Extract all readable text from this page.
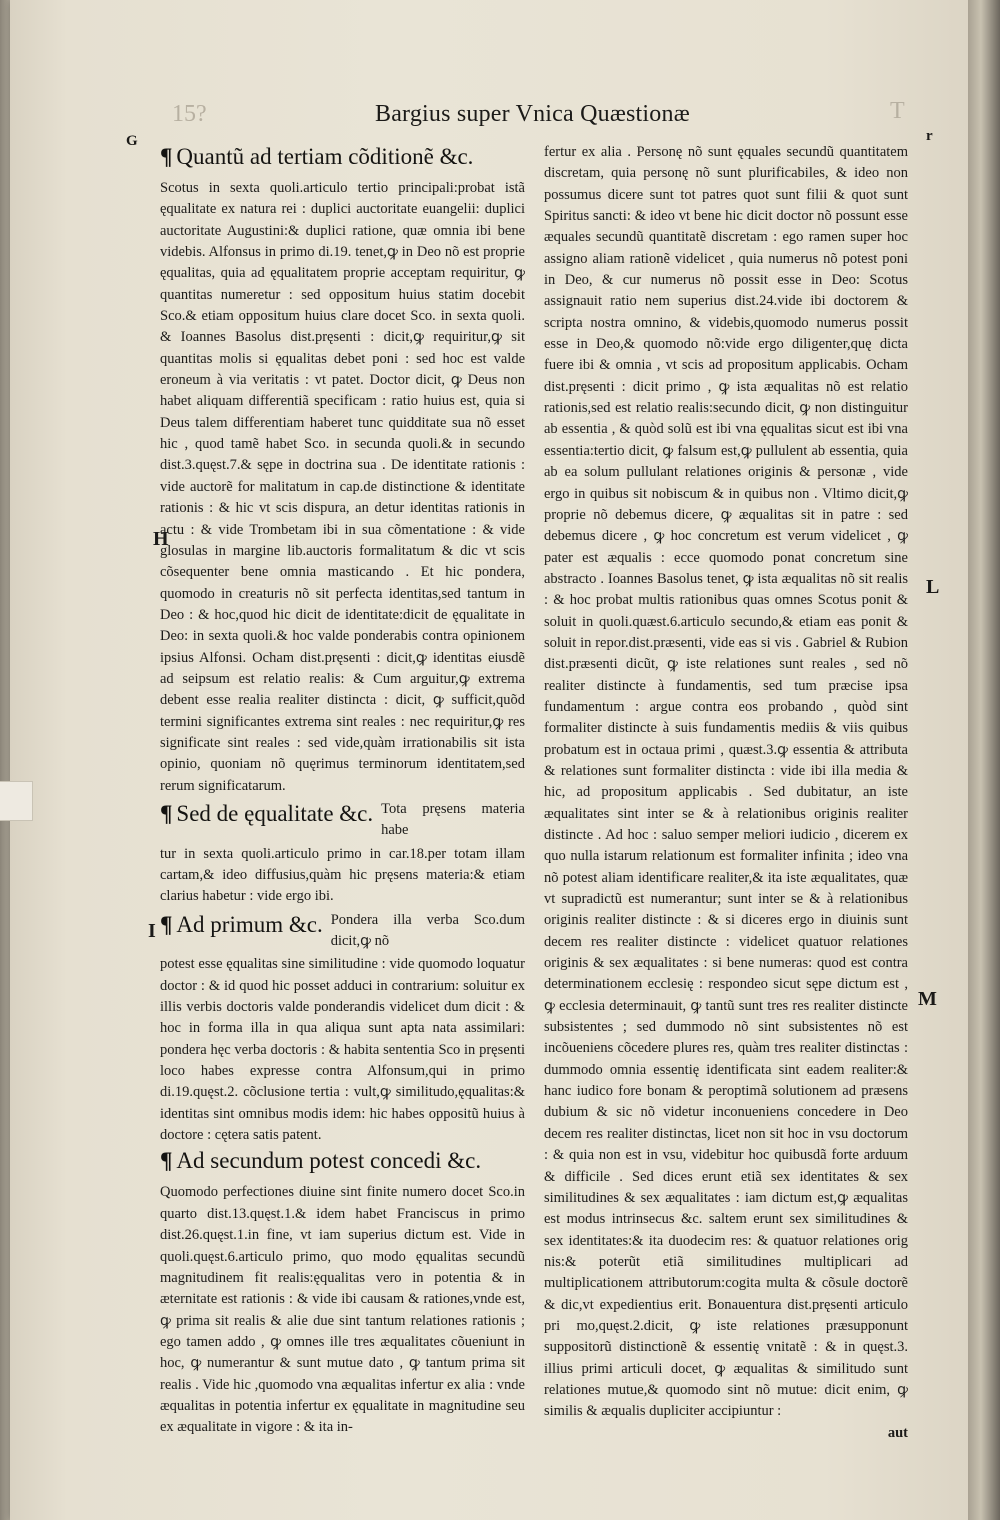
15?	T
Bargius super Vnica Quæstionæ
G	r
H
L
I
M
¶ Quantũ ad tertiam cõditionẽ &c.

Scotus in sexta quoli.articulo tertio principali:probat istã ęqualitate ex natura rei : duplici auctoritate euangelii: duplici auctoritate Augustini:& duplici ratione, quæ omnia ibi bene videbis. Alfonsus in primo di.19. tenet,ꝙ in Deo nõ est proprie ęqualitas, quia ad ęqualitatem proprie acceptam requiritur, ꝙ quantitas numeretur : sed oppositum huius statim docebit Sco.& etiam oppositum huius clare docet Sco. in sexta quoli. & Ioannes Basolus dist.pręsenti : dicit,ꝙ requiritur,ꝙ sit quantitas molis si ęqualitas debet poni : sed hoc est valde eroneum à via veritatis : vt patet. Doctor dicit, ꝙ Deus non habet aliquam differentiã specificam : ratio huius est, quia si Deus talem differentiam haberet tunc quidditate sua nõ esset hic , quod tamẽ habet Sco. in secunda quoli.& in secundo dist.3.quęst.7.& sępe in doctrina sua . De identitate rationis : vide auctorẽ for malitatum in cap.de distinctione & identitate rationis : & hic vt scis dispura, an detur identitas rationis in actu : & vide Trombetam ibi in sua cõmentatione : & vide glosulas in margine lib.auctoris formalitatum & dic vt scis cõsequenter bene omnia masticando . Et hic pondera, quomodo in creaturis nõ sit perfecta identitas,sed tantum in Deo : & hoc,quod hic dicit de identitate:dicit de ęqualitate in Deo: in sexta quoli.& hoc valde ponderabis contra opinionem ipsius Alfonsi. Ocham dist.pręsenti : dicit,ꝙ identitas eiusdẽ ad seipsum est relatio realis: & Cum arguitur,ꝙ extrema debent esse realia realiter distincta : dicit, ꝙ sufficit,quõd termini significantes extrema sint reales : nec requiritur,ꝙ res significate sint reales : sed vide,quàm irrationabilis sit ista opinio, quoniam nõ quęrimus terminorum identitatem,sed rerum significatarum.

¶ Sed de ęqualitate &c. Tota pręsens materia habe

tur in sexta quoli.articulo primo in car.18.per totam illam cartam,& ideo diffusius,quàm hic pręsens materia:& etiam clarius habetur : vide ergo ibi.

¶ Ad primum &c. Pondera illa verba Sco.dum dicit,ꝙ nõ

potest esse ęqualitas sine similitudine : vide quomodo loquatur doctor : & id quod hic posset adduci in contrarium: soluitur ex illis verbis doctoris valde ponderandis videlicet dum dicit : & hoc in forma illa in qua aliqua sunt apta nata assimilari: pondera hęc verba doctoris : & habita sententia Sco in pręsenti loco habes expresse contra Alfonsum,qui in primo di.19.quęst.2. cõclusione tertia : vult,ꝙ similitudo,ęqualitas:& identitas sint omnibus modis idem: hic habes oppositũ huius à doctore : cętera satis patent.

¶ Ad secundum potest concedi &c.

Quomodo perfectiones diuine sint finite numero docet Sco.in quarto dist.13.quęst.1.& idem habet Franciscus in primo dist.26.quęst.1.in fine, vt iam superius dictum est. Vide in quoli.quęst.6.articulo primo, quo modo ęqualitas secundũ magnitudinem fit realis:ęqualitas vero in potentia & in æternitate est rationis : & vide ibi causam & rationes,vnde est, ꝙ prima sit realis & alie due sint tantum relationes rationis ; ego tamen addo , ꝙ omnes ille tres æqualitates cõueniunt in hoc, ꝙ numerantur & sunt mutue dato , ꝙ tantum prima sit realis . Vide hic ,quomodo vna æqualitas infertur ex alia : vnde æqualitas in potentia infertur ex ęqualitate in magnitudine seu ex æqualitate in vigore : & ita in-

fertur ex alia . Personę nõ sunt ęquales secundũ quantitatem discretam, quia personę nõ sunt plurificabiles, & ideo non possumus dicere sunt tot patres quot sunt filii & quot sunt Spiritus sancti: & ideo vt bene hic dicit doctor nõ possunt esse æquales secundũ quantitatẽ discretam : ego ramen super hoc assigno aliam rationẽ videlicet , quia numerus nõ potest poni in Deo, & cur numerus nõ possit esse in Deo: Scotus assignauit ratio nem superius dist.24.vide ibi doctorem & scripta nostra omnino, & videbis,quomodo numerus possit esse in Deo,& quomodo nõ:vide ergo diligenter,quę dicta fuere ibi & omnia , vt scis ad propositum applicabis. Ocham dist.pręsenti : dicit primo , ꝙ ista æqualitas nõ est relatio rationis,sed est relatio realis:secundo dicit, ꝙ non distinguitur ab essentia , & quòd solũ est ibi vna ęqualitas sicut est ibi vna essentia:tertio dicit, ꝙ falsum est,ꝙ pullulent ab essentia, quia ab ea solum pullulant relationes originis & personæ , vide ergo in quibus sit nobiscum & in quibus non . Vltimo dicit,ꝙ proprie nõ debemus dicere, ꝙ æqualitas sit in patre : sed debemus dicere , ꝙ hoc concretum est verum videlicet , ꝙ pater est æqualis : ecce quomodo ponat concretum sine abstracto . Ioannes Basolus tenet, ꝙ ista æqualitas nõ sit realis : & hoc probat multis rationibus quas omnes Scotus ponit & soluit in quoli.quæst.6.articulo secundo,& etiam eas ponit & soluit in repor.dist.præsenti, vide eas si vis . Gabriel & Rubion dist.præsenti dicũt, ꝙ iste relationes sunt reales , sed nõ realiter distincte à fundamentis, sed tum præcise ipsa fundamentum : argue contra eos probando , quòd sint formaliter distincte à suis fundamentis mediis & viis quibus probatum est in octaua primi , quæst.3.ꝙ essentia & attributa & relationes sunt formaliter distincta : vide ibi illa media & hic, ad propositum applicabis . Sed dubitatur, an iste æqualitates sint inter se & à relationibus originis realiter distincte . Ad hoc : saluo semper meliori iudicio , dicerem ex quo nulla istarum relationum est formaliter infinita ; ideo vna nõ potest aliam identificare realiter,& ita iste æqualitates, quæ vt supradictũ est numerantur; sunt inter se & à relationibus originis realiter distincte : & si diceres ergo in diuinis sunt decem res realiter distincte : videlicet quatuor relationes originis & sex æqualitates : si bene numeras: quod est contra determinationem ecclesię : respondeo sicut sępe dictum est , ꝙ ecclesia determinauit, ꝙ tantũ sunt tres res realiter distincte subsistentes ; sed dummodo nõ sint subsistentes nõ est incõueniens cõcedere plures res, quàm tres realiter distinctas : dummodo omnia essentię identificata sint eadem realiter:& hanc iudico fore bonam & peroptimã solutionem ad præsens dubium & sic nõ videtur inconueniens concedere in Deo decem res realiter distinctas, licet non sit hoc in vsu doctorum : & quia non est in vsu, videbitur hoc quibusdã forte arduum & difficile . Sed dices erunt etiã sex identitates & sex similitudines & sex æqualitates : iam dictum est,ꝙ æqualitas est modus intrinsecus &c. saltem erunt sex similitudines & sex identitates:& ita duodecim res: & quatuor relationes orig nis:& poterũt etiã similitudines multiplicari ad multiplicationem attributorum:cogita multa & cõsule doctorẽ & dic,vt expedientius erit. Bonauentura dist.pręsenti articulo pri mo,quęst.2.dicit, ꝙ iste relationes præsupponunt suppositorũ distinctionẽ & essentię vnitatẽ : & in quęst.3. illius primi articuli docet, ꝙ æqualitas & similitudo sunt relationes mutue,& quomodo sint nõ mutue: dicit enim, ꝙ similis & æqualis dupliciter accipiuntur :

aut
